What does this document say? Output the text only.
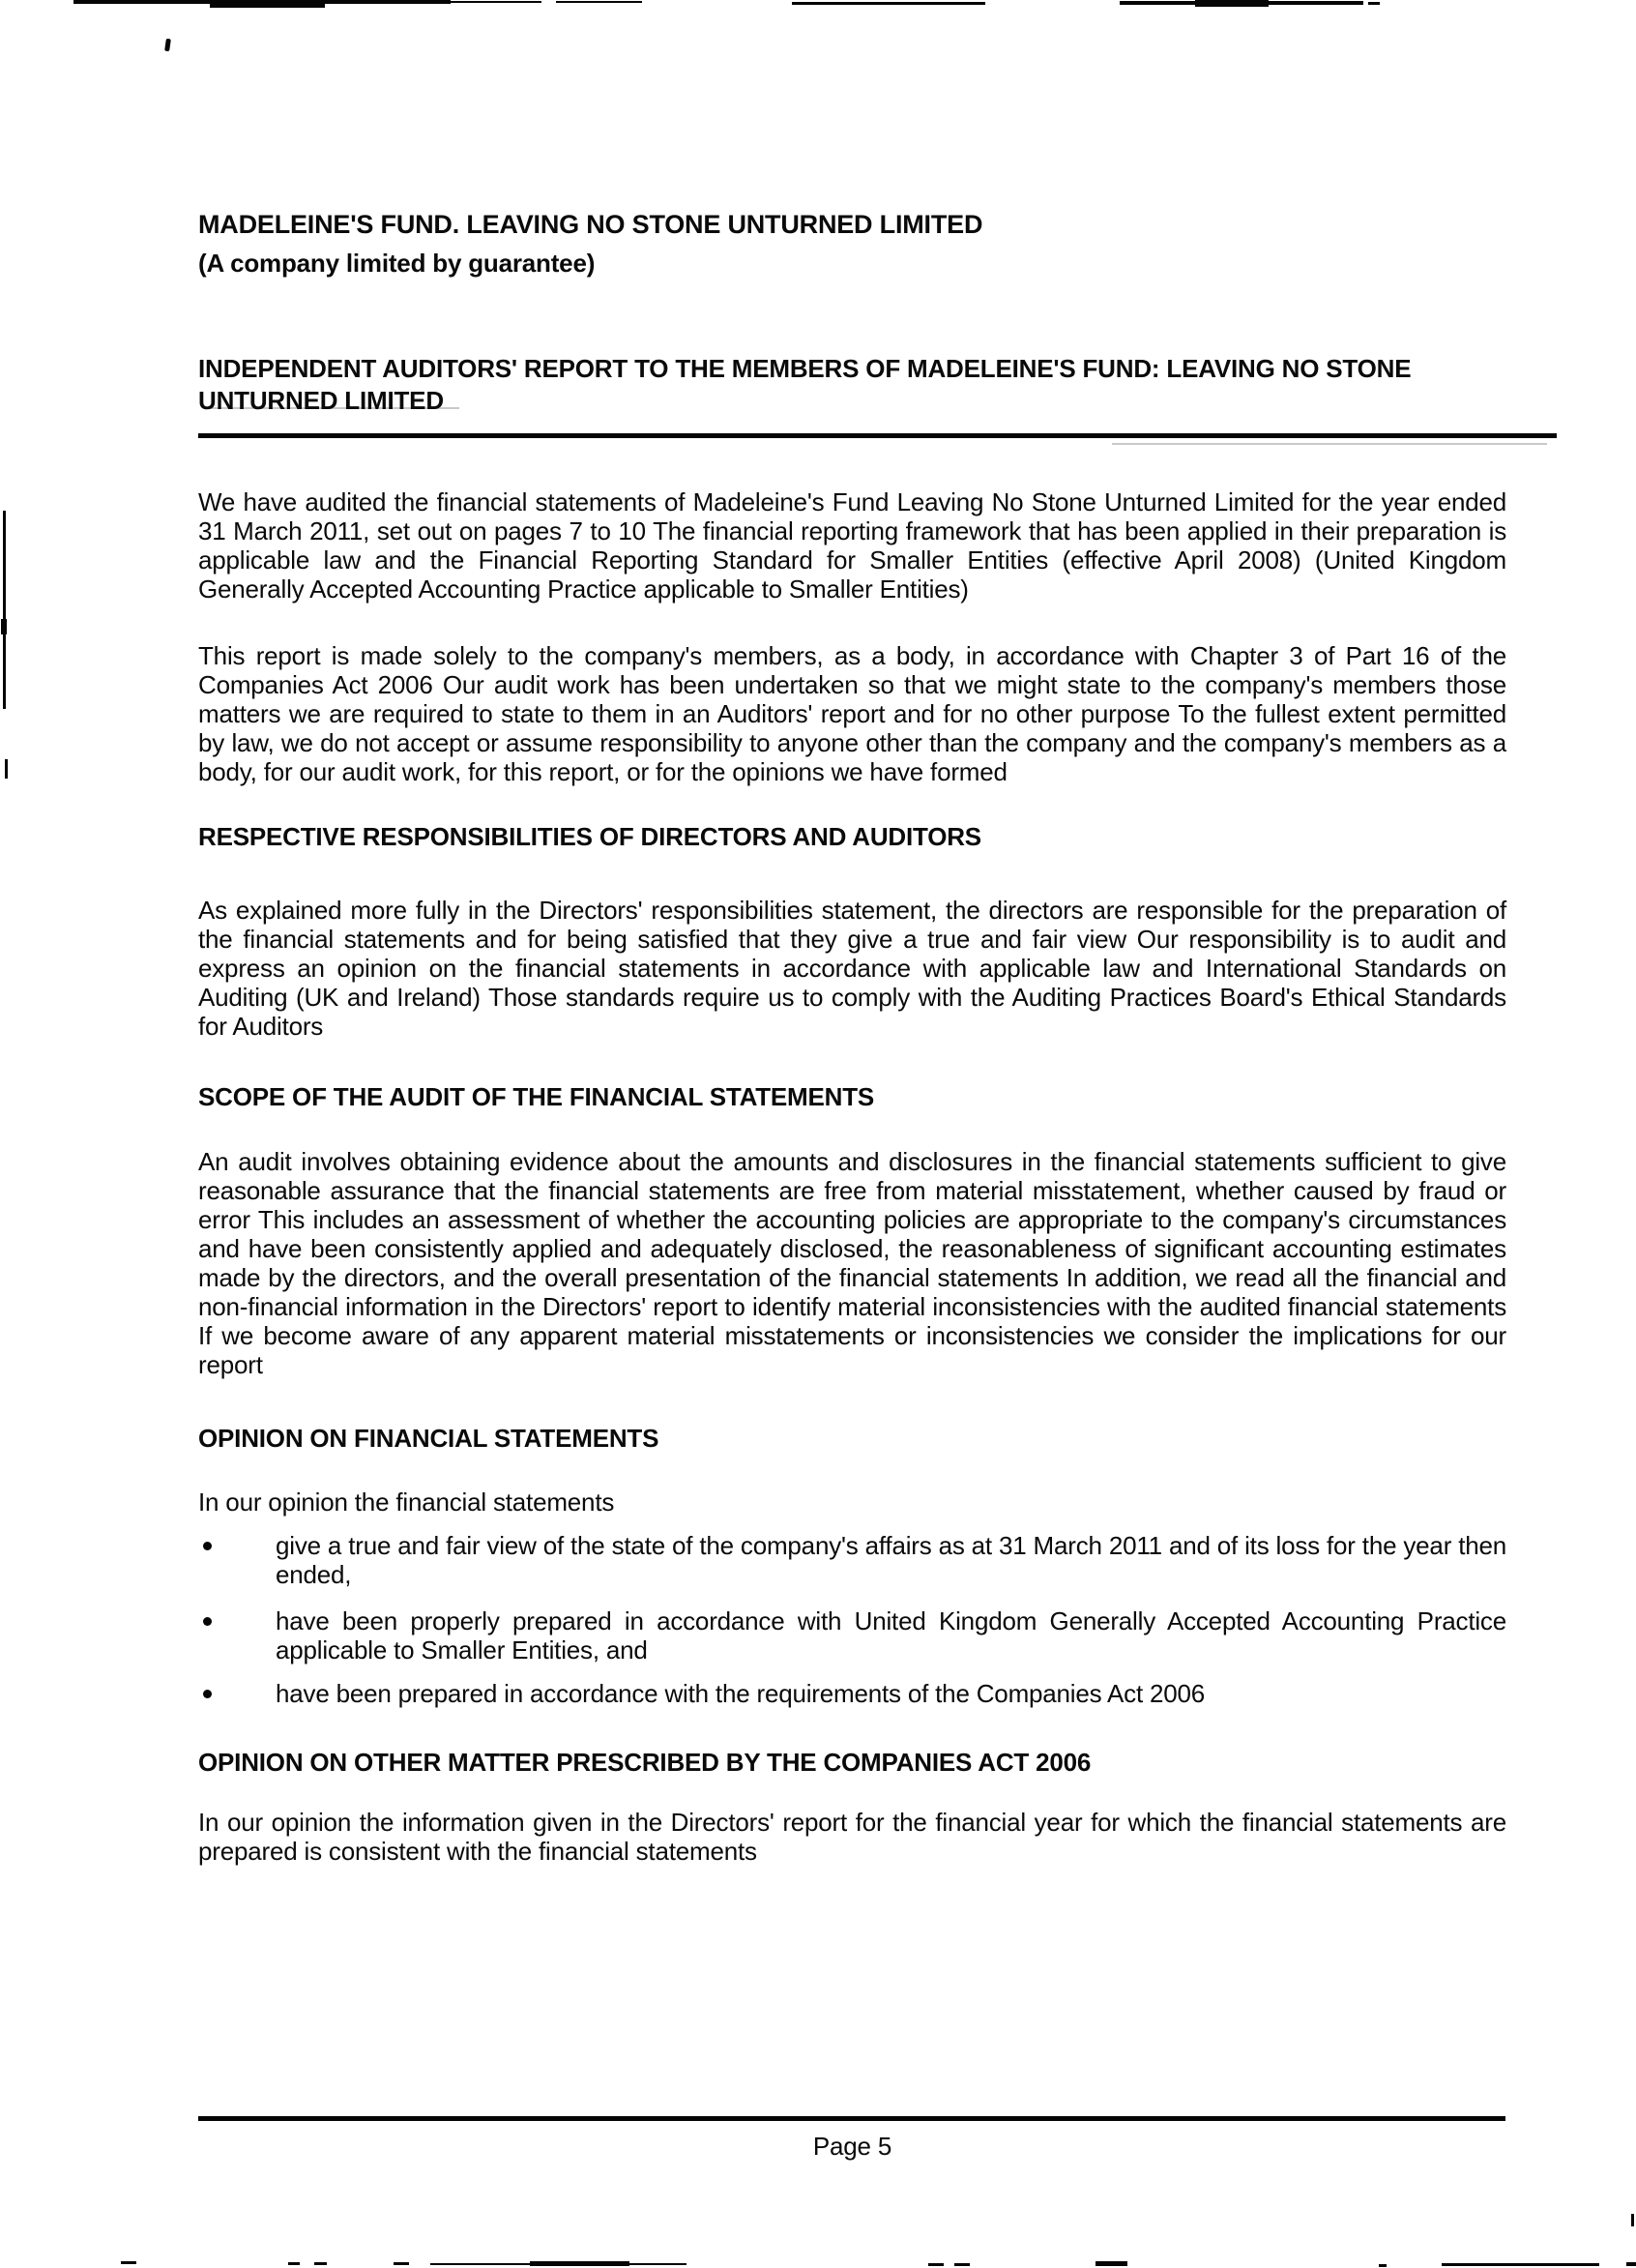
MADELEINE'S FUND. LEAVING NO STONE UNTURNED LIMITED
(A company limited by guarantee)
INDEPENDENT AUDITORS' REPORT TO THE MEMBERS OF MADELEINE'S FUND: LEAVING NO STONE UNTURNED LIMITED

We have audited the financial statements of Madeleine's Fund Leaving No Stone Unturned Limited for the year ended 31 March 2011, set out on pages 7 to 10 The financial reporting framework that has been applied in their preparation is applicable law and the Financial Reporting Standard for Smaller Entities (effective April 2008) (United Kingdom Generally Accepted Accounting Practice applicable to Smaller Entities)

This report is made solely to the company's members, as a body, in accordance with Chapter 3 of Part 16 of the Companies Act 2006 Our audit work has been undertaken so that we might state to the company's members those matters we are required to state to them in an Auditors' report and for no other purpose To the fullest extent permitted by law, we do not accept or assume responsibility to anyone other than the company and the company's members as a body, for our audit work, for this report, or for the opinions we have formed

RESPECTIVE RESPONSIBILITIES OF DIRECTORS AND AUDITORS

As explained more fully in the Directors' responsibilities statement, the directors are responsible for the preparation of the financial statements and for being satisfied that they give a true and fair view Our responsibility is to audit and express an opinion on the financial statements in accordance with applicable law and International Standards on Auditing (UK and Ireland) Those standards require us to comply with the Auditing Practices Board's Ethical Standards for Auditors

SCOPE OF THE AUDIT OF THE FINANCIAL STATEMENTS

An audit involves obtaining evidence about the amounts and disclosures in the financial statements sufficient to give reasonable assurance that the financial statements are free from material misstatement, whether caused by fraud or error This includes an assessment of whether the accounting policies are appropriate to the company's circumstances and have been consistently applied and adequately disclosed, the reasonableness of significant accounting estimates made by the directors, and the overall presentation of the financial statements In addition, we read all the financial and non-financial information in the Directors' report to identify material inconsistencies with the audited financial statements If we become aware of any apparent material misstatements or inconsistencies we consider the implications for our report

OPINION ON FINANCIAL STATEMENTS

In our opinion the financial statements

give a true and fair view of the state of the company's affairs as at 31 March 2011 and of its loss for the year then ended,
have been properly prepared in accordance with United Kingdom Generally Accepted Accounting Practice applicable to Smaller Entities, and
have been prepared in accordance with the requirements of the Companies Act 2006
OPINION ON OTHER MATTER PRESCRIBED BY THE COMPANIES ACT 2006

In our opinion the information given in the Directors' report for the financial year for which the financial statements are prepared is consistent with the financial statements

Page 5
